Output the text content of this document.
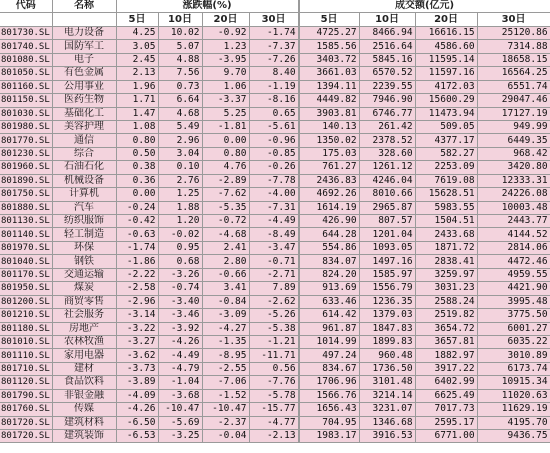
代码	名称	涨跌幅(%)				成交额(亿元)			
		5日	10日	20日	30日		5日	10日	20日	30日
801730.SL	电力设备	4.25	10.02	-0.92	-1.74		4725.27	8466.94	16616.15	25120.86
801740.SL	国防军工	3.05	5.07	1.23	-7.37		1585.56	2516.64	4586.60	7314.88
801080.SL	电子	2.45	4.88	-3.95	-7.26		3403.72	5845.16	11595.14	18658.15
801050.SL	有色金属	2.13	7.56	9.70	8.40		3661.03	6570.52	11597.16	16564.25
801160.SL	公用事业	1.96	0.73	1.06	-1.19		1394.11	2239.55	4172.03	6551.74
801150.SL	医药生物	1.71	6.64	-3.37	-8.16		4449.82	7946.90	15600.29	29047.46
801030.SL	基础化工	1.47	4.68	5.25	0.65		3903.81	6746.77	11473.94	17127.19
801980.SL	美容护理	1.08	5.49	-1.81	-5.61		140.13	261.42	509.05	949.99
801770.SL	通信	0.80	2.96	0.00	-0.96		1350.02	2378.52	4377.17	6449.35
801230.SL	综合	0.50	3.04	0.80	-0.85		175.03	328.60	582.27	968.42
801960.SL	石油石化	0.38	0.10	4.76	-0.26		761.27	1261.12	2253.09	3420.80
801890.SL	机械设备	0.36	2.76	-2.89	-7.78		2436.83	4246.04	7619.08	12333.31
801750.SL	计算机	0.00	1.25	-7.62	-4.00		4692.26	8010.66	15628.51	24226.08
801880.SL	汽车	-0.24	1.88	-5.35	-7.31		1614.19	2965.87	5983.55	10003.48
801130.SL	纺织服饰	-0.42	1.20	-0.72	-4.49		426.90	807.57	1504.51	2443.77
801140.SL	轻工制造	-0.63	-0.02	-4.68	-8.49		644.28	1201.04	2433.68	4144.52
801970.SL	环保	-1.74	0.95	2.41	-3.47		554.86	1093.05	1871.72	2814.06
801040.SL	钢铁	-1.86	0.68	2.80	-0.71		834.07	1497.16	2838.41	4472.46
801170.SL	交通运输	-2.22	-3.26	-0.66	-2.71		824.20	1585.97	3259.97	4959.55
801950.SL	煤炭	-2.58	-0.74	3.41	7.89		913.69	1556.79	3031.23	4421.90
801200.SL	商贸零售	-2.96	-3.40	-0.84	-2.62		633.46	1236.35	2588.24	3995.48
801210.SL	社会服务	-3.14	-3.46	-3.09	-5.26		614.42	1379.03	2519.82	3775.50
801180.SL	房地产	-3.22	-3.92	-4.27	-5.38		961.87	1847.83	3654.72	6001.27
801010.SL	农林牧渔	-3.27	-4.26	-1.35	-1.21		1014.99	1899.83	3657.81	6035.22
801110.SL	家用电器	-3.62	-4.49	-8.95	-11.71		497.24	960.48	1882.97	3010.89
801710.SL	建材	-3.73	-4.79	-2.55	0.56		834.67	1736.50	3917.22	6173.74
801120.SL	食品饮料	-3.89	-1.04	-7.06	-7.76		1706.96	3101.48	6402.99	10915.34
801790.SL	非银金融	-4.09	-3.68	-1.52	-5.78		1566.76	3214.14	6625.49	11020.63
801760.SL	传媒	-4.26	-10.47	-10.47	-15.77		1656.43	3231.07	7017.73	11629.19
801720.SL	建筑材料	-6.50	-5.69	-2.37	-4.77		704.95	1346.68	2595.17	4195.70
801720.SL	建筑装饰	-6.53	-3.25	-0.04	-2.13		1983.17	3916.53	6771.00	9436.75
